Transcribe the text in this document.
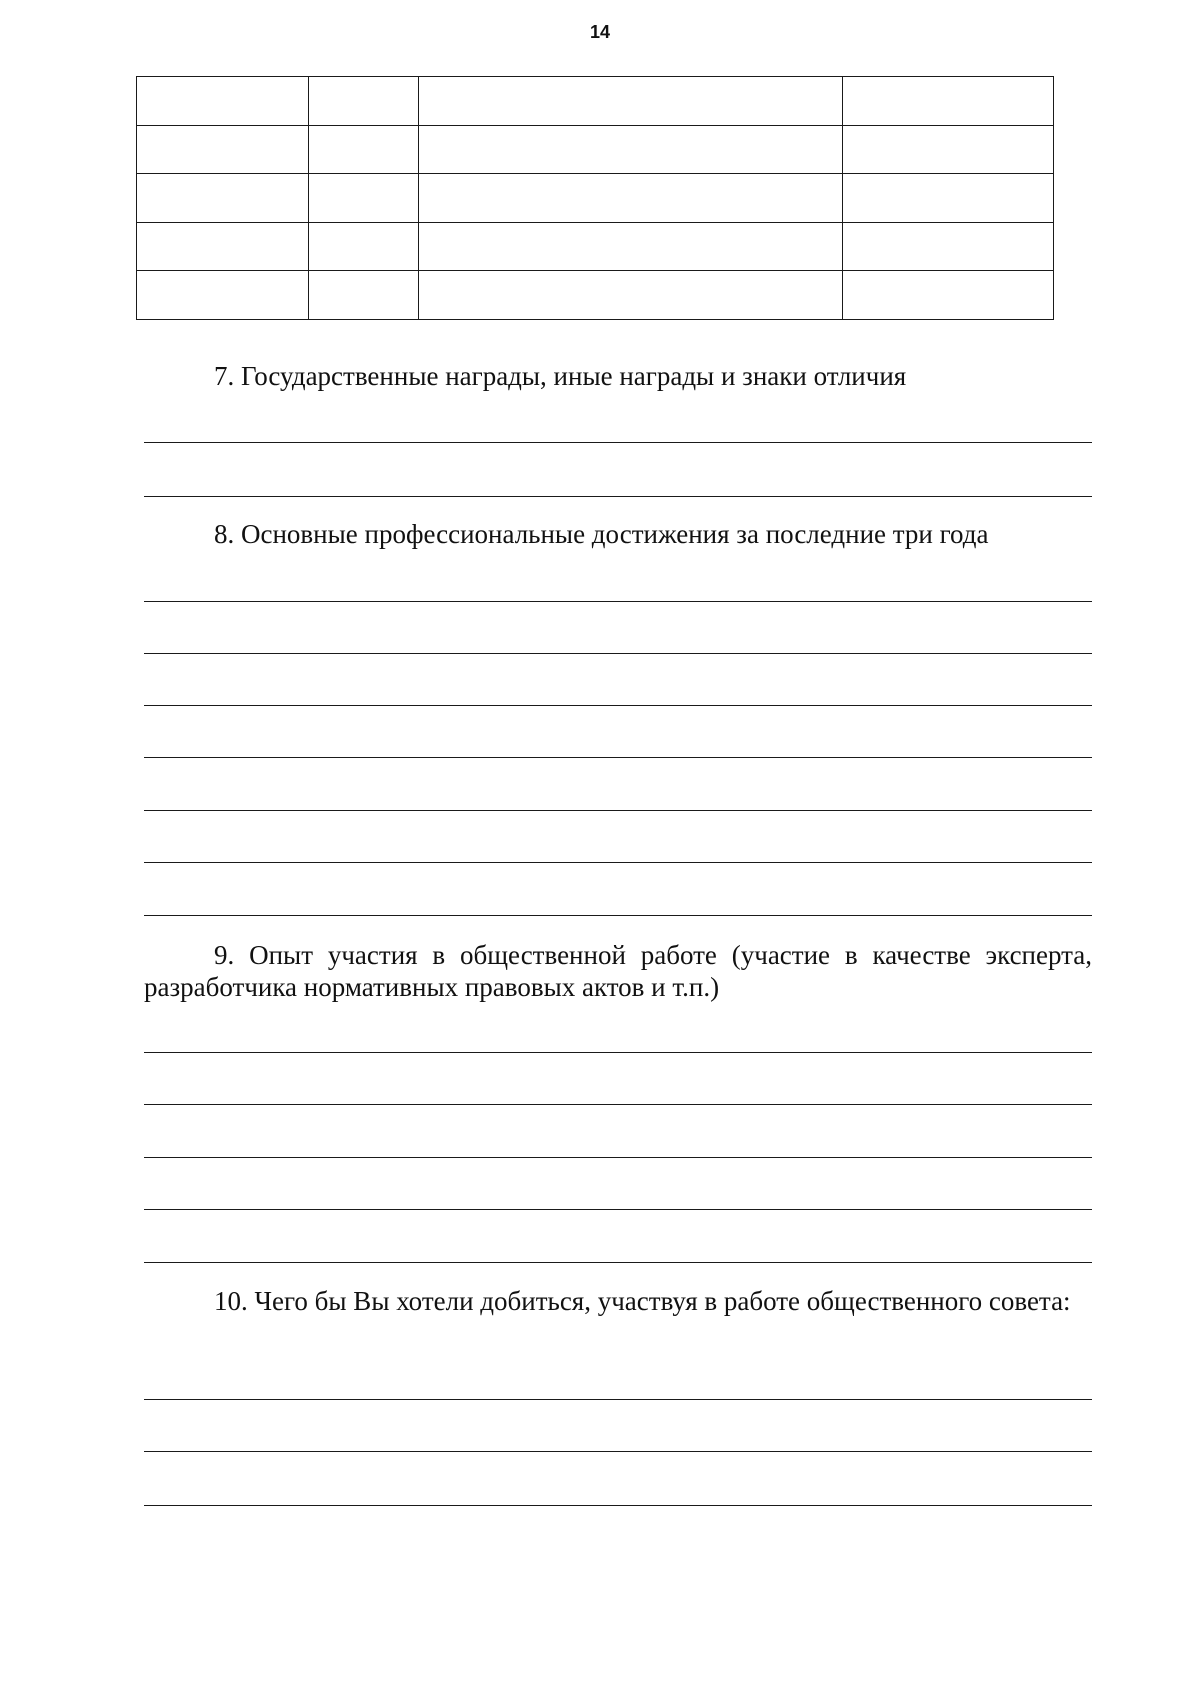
14

7. Государственные награды, иные награды и знаки отличия

8. Основные профессиональные достижения за последние три года

9. Опыт участия в общественной работе (участие в качестве эксперта, разработчика нормативных правовых актов и т.п.)

10. Чего бы Вы хотели добиться, участвуя в работе общественного совета:
